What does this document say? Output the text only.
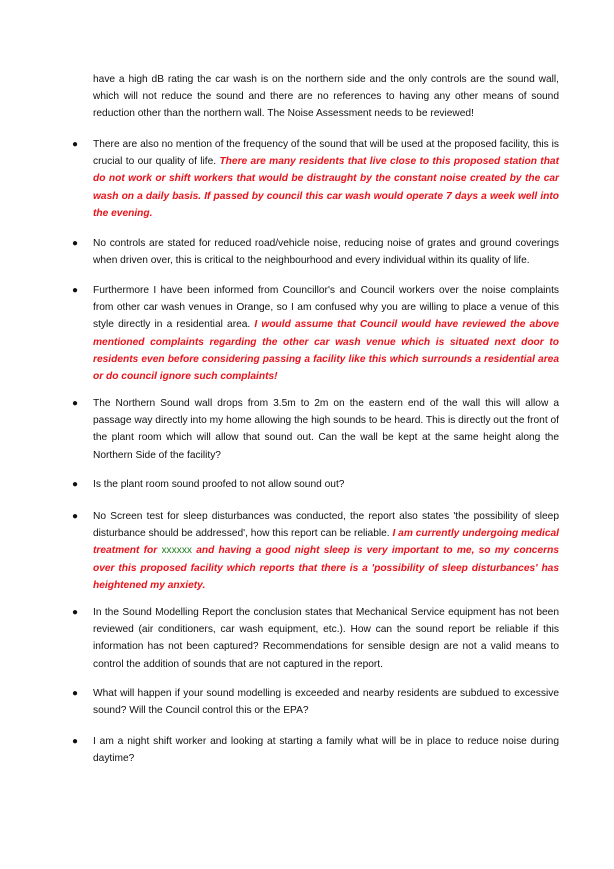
have a high dB rating the car wash is on the northern side and the only controls are the sound wall, which will not reduce the sound and there are no references to having any other means of sound reduction other than the northern wall. The Noise Assessment needs to be reviewed!

● There are also no mention of the frequency of the sound that will be used at the proposed facility, this is crucial to our quality of life. There are many residents that live close to this proposed station that do not work or shift workers that would be distraught by the constant noise created by the car wash on a daily basis. If passed by council this car wash would operate 7 days a week well into the evening.

● No controls are stated for reduced road/vehicle noise, reducing noise of grates and ground coverings when driven over, this is critical to the neighbourhood and every individual within its quality of life.

● Furthermore I have been informed from Councillor's and Council workers over the noise complaints from other car wash venues in Orange, so I am confused why you are willing to place a venue of this style directly in a residential area. I would assume that Council would have reviewed the above mentioned complaints regarding the other car wash venue which is situated next door to residents even before considering passing a facility like this which surrounds a residential area or do council ignore such complaints!

● The Northern Sound wall drops from 3.5m to 2m on the eastern end of the wall this will allow a passage way directly into my home allowing the high sounds to be heard. This is directly out the front of the plant room which will allow that sound out. Can the wall be kept at the same height along the Northern Side of the facility?

● Is the plant room sound proofed to not allow sound out?

● No Screen test for sleep disturbances was conducted, the report also states 'the possibility of sleep disturbance should be addressed', how this report can be reliable. I am currently undergoing medical treatment for xxxxxx and having a good night sleep is very important to me, so my concerns over this proposed facility which reports that there is a 'possibility of sleep disturbances' has heightened my anxiety.

● In the Sound Modelling Report the conclusion states that Mechanical Service equipment has not been reviewed (air conditioners, car wash equipment, etc.). How can the sound report be reliable if this information has not been captured? Recommendations for sensible design are not a valid means to control the addition of sounds that are not captured in the report.

● What will happen if your sound modelling is exceeded and nearby residents are subdued to excessive sound? Will the Council control this or the EPA?

● I am a night shift worker and looking at starting a family what will be in place to reduce noise during daytime?
